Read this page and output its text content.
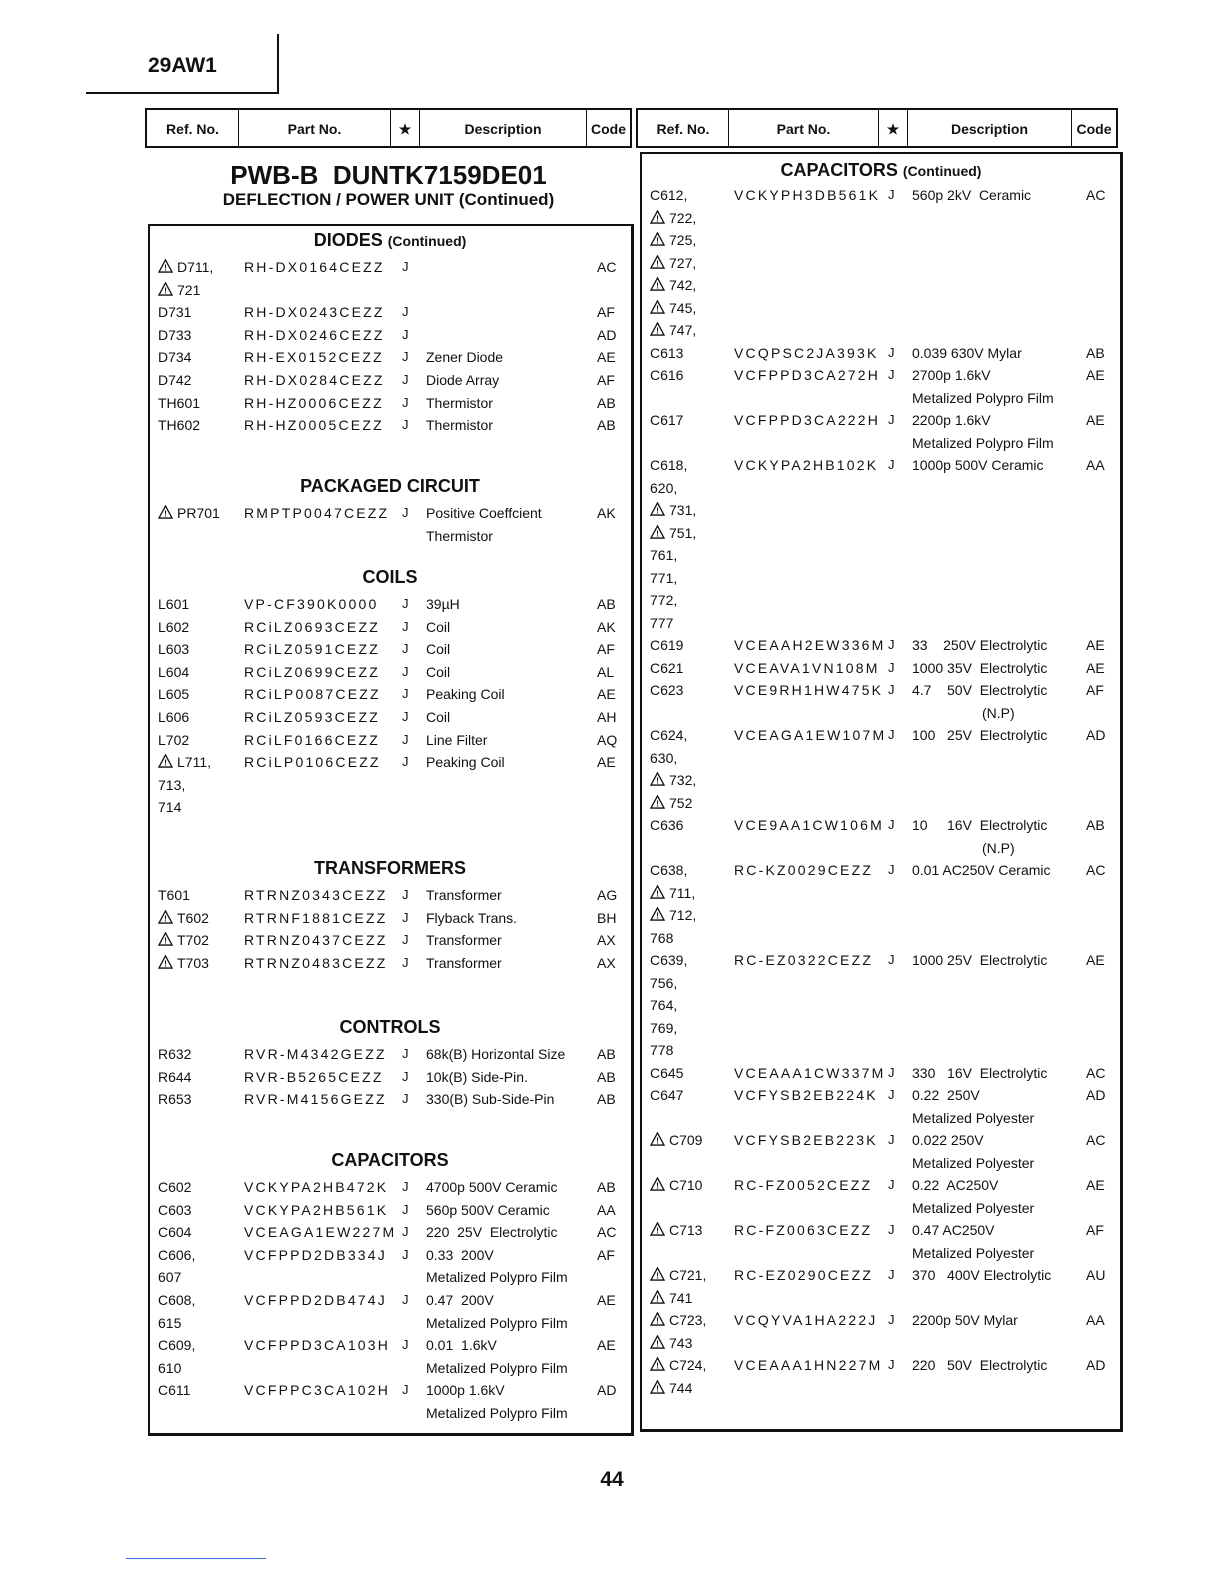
29AW1
Ref. No.	Part No.	★	Description	Code	Ref. No.	Part No.	★	Description	Code
PWB-B  DUNTK7159DE01
DEFLECTION / POWER UNIT (Continued)
DIODES (Continued)
! D711, RH-DX0164CEZZ J	AC
! 721
D731	RH-DX0243CEZZ J	AF
D733	RH-DX0246CEZZ J	AD
D734	RH-EX0152CEZZ J Zener Diode	AE
D742	RH-DX0284CEZZ J Diode Array	AF
TH601	RH-HZ0006CEZZ J Thermistor	AB
TH602	RH-HZ0005CEZZ J Thermistor	AB
PACKAGED CIRCUIT
! PR701 RMPTP0047CEZZ J Positive Coeffcient	AK
Thermistor
COILS
L601	VP-CF390K0000 J 39µH	AB
L602	RCiLZ0693CEZZ J Coil	AK
L603	RCiLZ0591CEZZ J Coil	AF
L604	RCiLZ0699CEZZ J Coil	AL
L605	RCiLP0087CEZZ J Peaking Coil	AE
L606	RCiLZ0593CEZZ J Coil	AH
L702	RCiLF0166CEZZ J Line Filter	AQ
! L711, RCiLP0106CEZZ J Peaking Coil	AE
713,
714
TRANSFORMERS
T601	RTRNZ0343CEZZ J Transformer	AG
! T602	RTRNF1881CEZZ J Flyback Trans.	BH
! T702	RTRNZ0437CEZZ J Transformer	AX
! T703	RTRNZ0483CEZZ J Transformer	AX
CONTROLS
R632	RVR-M4342GEZZ J 68k(B) Horizontal Size AB
R644	RVR-B5265CEZZ J 10k(B) Side-Pin.	AB
R653	RVR-M4156GEZZ J 330(B) Sub-Side-Pin	AB
CAPACITORS
C602	VCKYPA2HB472K J 4700p 500V Ceramic	AB
C603	VCKYPA2HB561K J 560p 500V Ceramic	AA
C604	VCEAGA1EW227M J 220  25V  Electrolytic	AC
C606,	VCFPPD2DB334J J 0.33  200V	AF
607	Metalized Polypro Film
C608,	VCFPPD2DB474J J 0.47  200V	AE
615	Metalized Polypro Film
C609,	VCFPPD3CA103H J 0.01  1.6kV	AE
610	Metalized Polypro Film
C611	VCFPPC3CA102H J 1000p 1.6kV	AD
Metalized Polypro Film
CAPACITORS (Continued)
C612,	VCKYPH3DB561K J 560p 2kV  Ceramic	AC
! 722,
! 725,
! 727,
! 742,
! 745,
! 747,
C613	VCQPSC2JA393K J 0.039 630V Mylar	AB
C616	VCFPPD3CA272H J 2700p 1.6kV	AE
Metalized Polypro Film
C617	VCFPPD3CA222H J 2200p 1.6kV	AE
Metalized Polypro Film
C618,	VCKYPA2HB102K J 1000p 500V Ceramic	AA
620,
! 731,
! 751,
761,
771,
772,
777
C619	VCEAAH2EW336M J 33    250V Electrolytic	AE
C621	VCEAVA1VN108M J 1000 35V  Electrolytic	AE
C623	VCE9RH1HW475K J 4.7    50V  Electrolytic	AF
(N.P)
C624,	VCEAGA1EW107M J 100   25V  Electrolytic	AD
630,
! 732,
! 752
C636	VCE9AA1CW106M J 10     16V  Electrolytic	AB
(N.P)
C638,	RC-KZ0029CEZZ J 0.01 AC250V Ceramic	AC
! 711,
! 712,
768
C639,	RC-EZ0322CEZZ J 1000 25V  Electrolytic	AE
756,
764,
769,
778
C645	VCEAAA1CW337M J 330   16V  Electrolytic	AC
C647	VCFYSB2EB224K J 0.22  250V	AD
Metalized Polyester
! C709 VCFYSB2EB223K J 0.022 250V	AC
Metalized Polyester
! C710 RC-FZ0052CEZZ J 0.22  AC250V	AE
Metalized Polyester
! C713 RC-FZ0063CEZZ J 0.47 AC250V	AF
Metalized Polyester
! C721, RC-EZ0290CEZZ J 370   400V Electrolytic AU
! 741
! C723, VCQYVA1HA222J J 2200p 50V Mylar	AA
! 743
! C724, VCEAAA1HN227M J 220   50V  Electrolytic	AD
! 744
44
